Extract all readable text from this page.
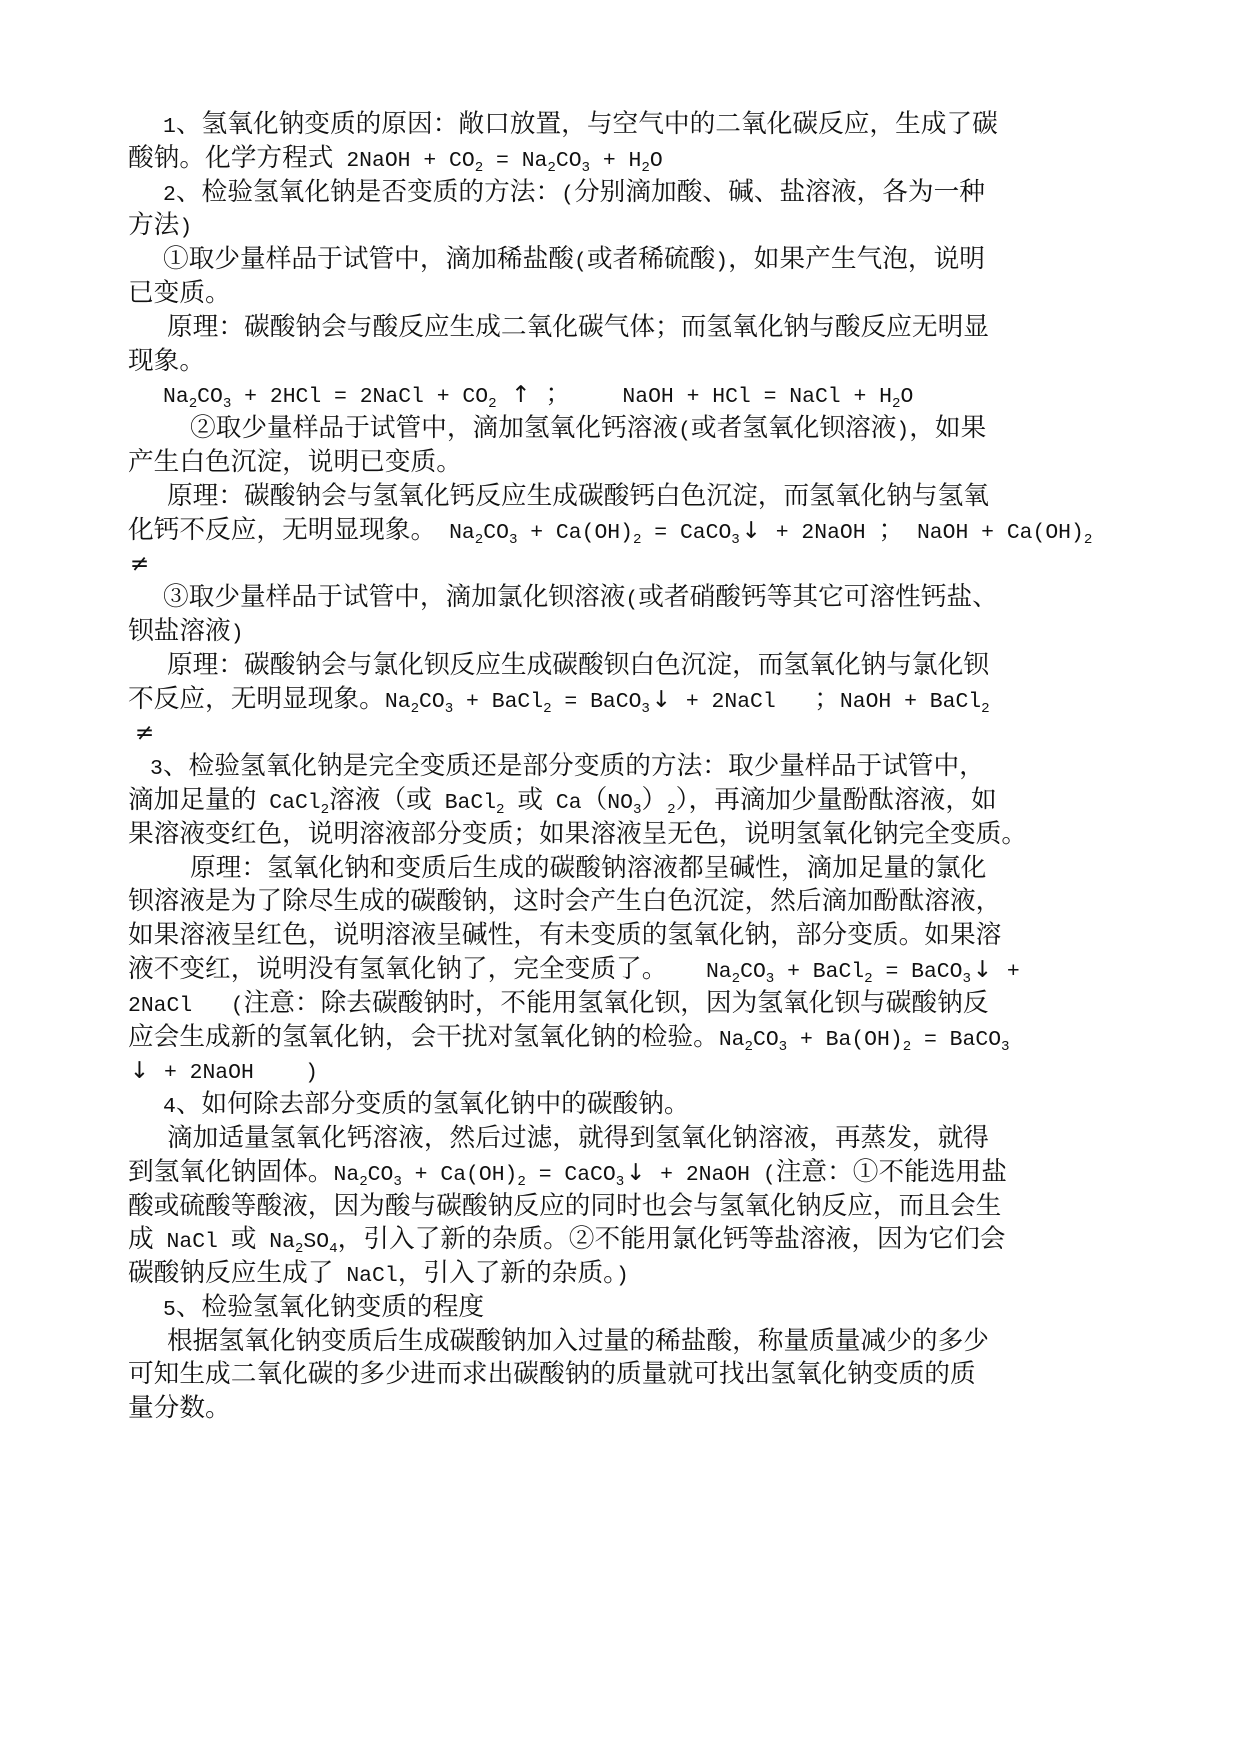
1、氢氧化钠变质的原因：敞口放置，与空气中的二氧化碳反应，生成了碳
酸钠。化学方程式 2NaOH + $CO_2 = Na_2CO_3 + H_2O$
2、检验氢氧化钠是否变质的方法：(分别滴加酸、碱、盐溶液，各为一种
方法)
①取少量样品于试管中，滴加稀盐酸(或者稀硫酸)，如果产生气泡，说明
已变质。
原理：碳酸钠会与酸反应生成二氧化碳气体；而氢氧化钠与酸反应无明显
现象。
$Na_2CO_3 + 2HCl$ = 2NaCl + $CO_2$ ↑ ；    NaOH + HCl = NaCl + $H_2O$
②取少量样品于试管中，滴加氢氧化钙溶液(或者氢氧化钡溶液)，如果
产生白色沉淀，说明已变质。
原理：碳酸钠会与氢氧化钙反应生成碳酸钙白色沉淀，而氢氧化钠与氢氧
化钙不反应，无明显现象。 $Na_2CO_3 + Ca(OH)_2$ = CaCO$_3$↓ + 2NaOH ； NaOH + $Ca(OH)_2$
≠
③取少量样品于试管中，滴加氯化钡溶液(或者硝酸钙等其它可溶性钙盐、
钡盐溶液)
原理：碳酸钠会与氯化钡反应生成碳酸钡白色沉淀，而氢氧化钠与氯化钡
不反应，无明显现象。$Na_2CO_3$ + BaCl$_2$ = BaCO$_3$↓ + 2NaCl   ；NaOH + BaCl$_2$
≠
3、检验氢氧化钠是完全变质还是部分变质的方法：取少量样品于试管中，
滴加足量的 CaCl$_2$溶液（或 BaCl$_2$ 或 $Ca(NO_3)_2$），再滴加少量酚酞溶液，如
果溶液变红色，说明溶液部分变质；如果溶液呈无色，说明氢氧化钠完全变质。
原理：氢氧化钠和变质后生成的碳酸钠溶液都呈碱性，滴加足量的氯化
钡溶液是为了除尽生成的碳酸钠，这时会产生白色沉淀，然后滴加酚酞溶液，
如果溶液呈红色，说明溶液呈碱性，有未变质的氢氧化钠，部分变质。如果溶
液不变红，说明没有氢氧化钠了，完全变质了。   $Na_2CO_3$ + BaCl$_2$ = BaCO$_3$↓ +
2NaCl   (注意：除去碳酸钠时，不能用氢氧化钡，因为氢氧化钡与碳酸钠反
应会生成新的氢氧化钠，会干扰对氢氧化钠的检验。$Na_2CO_3 + Ba(OH)_2$ = BaCO$_3$
↓ + 2NaOH    )
4、如何除去部分变质的氢氧化钠中的碳酸钠。
滴加适量氢氧化钙溶液，然后过滤，就得到氢氧化钠溶液，再蒸发，就得
到氢氧化钠固体。$Na_2CO_3 + Ca(OH)_2$ = CaCO$_3$↓ + 2NaOH (注意：①不能选用盐
酸或硫酸等酸液，因为酸与碳酸钠反应的同时也会与氢氧化钠反应，而且会生
成 NaCl 或 $Na_2SO_4$，引入了新的杂质。②不能用氯化钙等盐溶液，因为它们会
碳酸钠反应生成了 NaCl，引入了新的杂质。)
5、检验氢氧化钠变质的程度
根据氢氧化钠变质后生成碳酸钠加入过量的稀盐酸，称量质量减少的多少
可知生成二氧化碳的多少进而求出碳酸钠的质量就可找出氢氧化钠变质的质
量分数。
